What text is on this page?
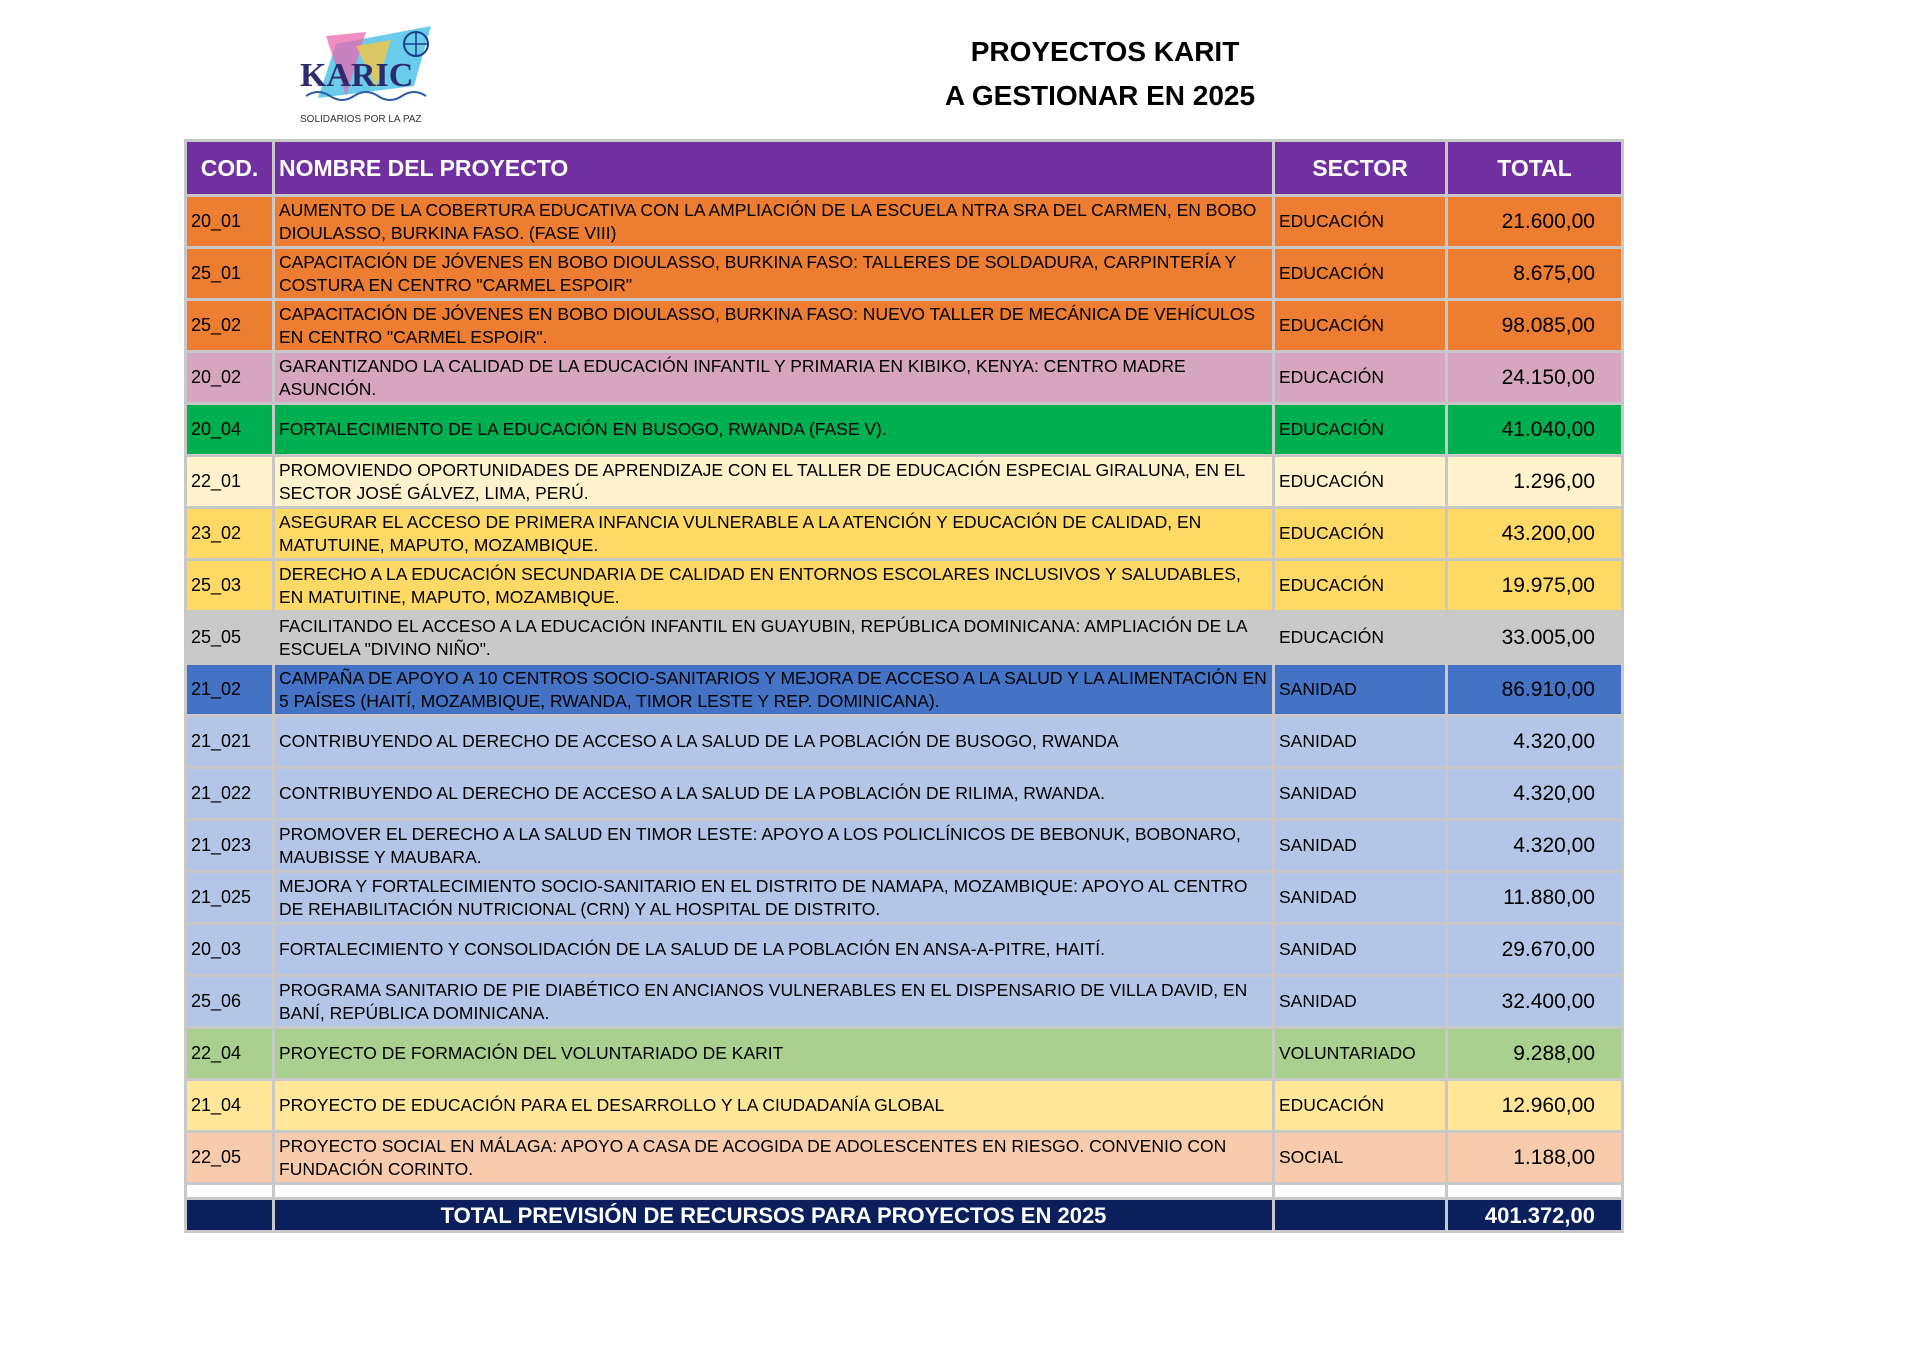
KARIC
SOLIDARIOS POR LA PAZ
PROYECTOS KARIT
A GESTIONAR EN 2025
COD.	NOMBRE DEL PROYECTO	SECTOR	TOTAL
20_01	AUMENTO DE LA COBERTURA EDUCATIVA CON LA AMPLIACIÓN DE LA ESCUELA NTRA SRA DEL CARMEN, EN BOBO DIOULASSO, BURKINA FASO. (FASE VIII)	EDUCACIÓN	21.600,00
25_01	CAPACITACIÓN DE JÓVENES EN BOBO DIOULASSO, BURKINA FASO: TALLERES DE SOLDADURA, CARPINTERÍA Y COSTURA EN CENTRO "CARMEL ESPOIR"	EDUCACIÓN	8.675,00
25_02	CAPACITACIÓN DE JÓVENES EN BOBO DIOULASSO, BURKINA FASO: NUEVO TALLER DE MECÁNICA DE VEHÍCULOS EN CENTRO "CARMEL ESPOIR".	EDUCACIÓN	98.085,00
20_02	GARANTIZANDO LA CALIDAD DE LA EDUCACIÓN INFANTIL Y PRIMARIA EN KIBIKO, KENYA: CENTRO MADRE ASUNCIÓN.	EDUCACIÓN	24.150,00
20_04	FORTALECIMIENTO DE LA EDUCACIÓN EN BUSOGO, RWANDA (FASE V).	EDUCACIÓN	41.040,00
22_01	PROMOVIENDO OPORTUNIDADES DE APRENDIZAJE CON EL TALLER DE EDUCACIÓN ESPECIAL GIRALUNA, EN EL SECTOR JOSÉ GÁLVEZ, LIMA, PERÚ.	EDUCACIÓN	1.296,00
23_02	ASEGURAR EL ACCESO DE PRIMERA INFANCIA VULNERABLE A LA ATENCIÓN Y EDUCACIÓN DE CALIDAD, EN MATUTUINE, MAPUTO, MOZAMBIQUE.	EDUCACIÓN	43.200,00
25_03	DERECHO A LA EDUCACIÓN SECUNDARIA DE CALIDAD EN ENTORNOS ESCOLARES INCLUSIVOS Y SALUDABLES, EN MATUITINE, MAPUTO, MOZAMBIQUE.	EDUCACIÓN	19.975,00
25_05	FACILITANDO EL ACCESO A LA EDUCACIÓN INFANTIL EN GUAYUBIN, REPÚBLICA DOMINICANA: AMPLIACIÓN DE LA ESCUELA "DIVINO NIÑO".	EDUCACIÓN	33.005,00
21_02	CAMPAÑA DE APOYO A 10 CENTROS SOCIO-SANITARIOS Y MEJORA DE ACCESO A LA SALUD Y LA ALIMENTACIÓN EN 5 PAÍSES (HAITÍ, MOZAMBIQUE, RWANDA, TIMOR LESTE Y REP. DOMINICANA).	SANIDAD	86.910,00
21_021	CONTRIBUYENDO AL DERECHO DE ACCESO A LA SALUD DE LA POBLACIÓN DE BUSOGO, RWANDA	SANIDAD	4.320,00
21_022	CONTRIBUYENDO AL DERECHO DE ACCESO A LA SALUD DE LA POBLACIÓN DE RILIMA, RWANDA.	SANIDAD	4.320,00
21_023	PROMOVER EL DERECHO A LA SALUD EN TIMOR LESTE: APOYO A LOS POLICLÍNICOS DE BEBONUK, BOBONARO, MAUBISSE Y MAUBARA.	SANIDAD	4.320,00
21_025	MEJORA Y FORTALECIMIENTO SOCIO-SANITARIO EN EL DISTRITO DE NAMAPA, MOZAMBIQUE: APOYO AL CENTRO DE REHABILITACIÓN NUTRICIONAL (CRN) Y AL HOSPITAL DE DISTRITO.	SANIDAD	11.880,00
20_03	FORTALECIMIENTO Y CONSOLIDACIÓN DE LA SALUD DE LA POBLACIÓN EN ANSA-A-PITRE, HAITÍ.	SANIDAD	29.670,00
25_06	PROGRAMA SANITARIO DE PIE DIABÉTICO EN ANCIANOS VULNERABLES EN EL DISPENSARIO DE VILLA DAVID, EN BANÍ, REPÚBLICA DOMINICANA.	SANIDAD	32.400,00
22_04	PROYECTO DE FORMACIÓN DEL VOLUNTARIADO DE KARIT	VOLUNTARIADO	9.288,00
21_04	PROYECTO DE EDUCACIÓN PARA EL DESARROLLO Y LA CIUDADANÍA GLOBAL	EDUCACIÓN	12.960,00
22_05	PROYECTO SOCIAL EN MÁLAGA: APOYO A CASA DE ACOGIDA DE ADOLESCENTES EN RIESGO. CONVENIO CON FUNDACIÓN CORINTO.	SOCIAL	1.188,00

	TOTAL PREVISIÓN DE RECURSOS PARA PROYECTOS EN 2025		401.372,00
